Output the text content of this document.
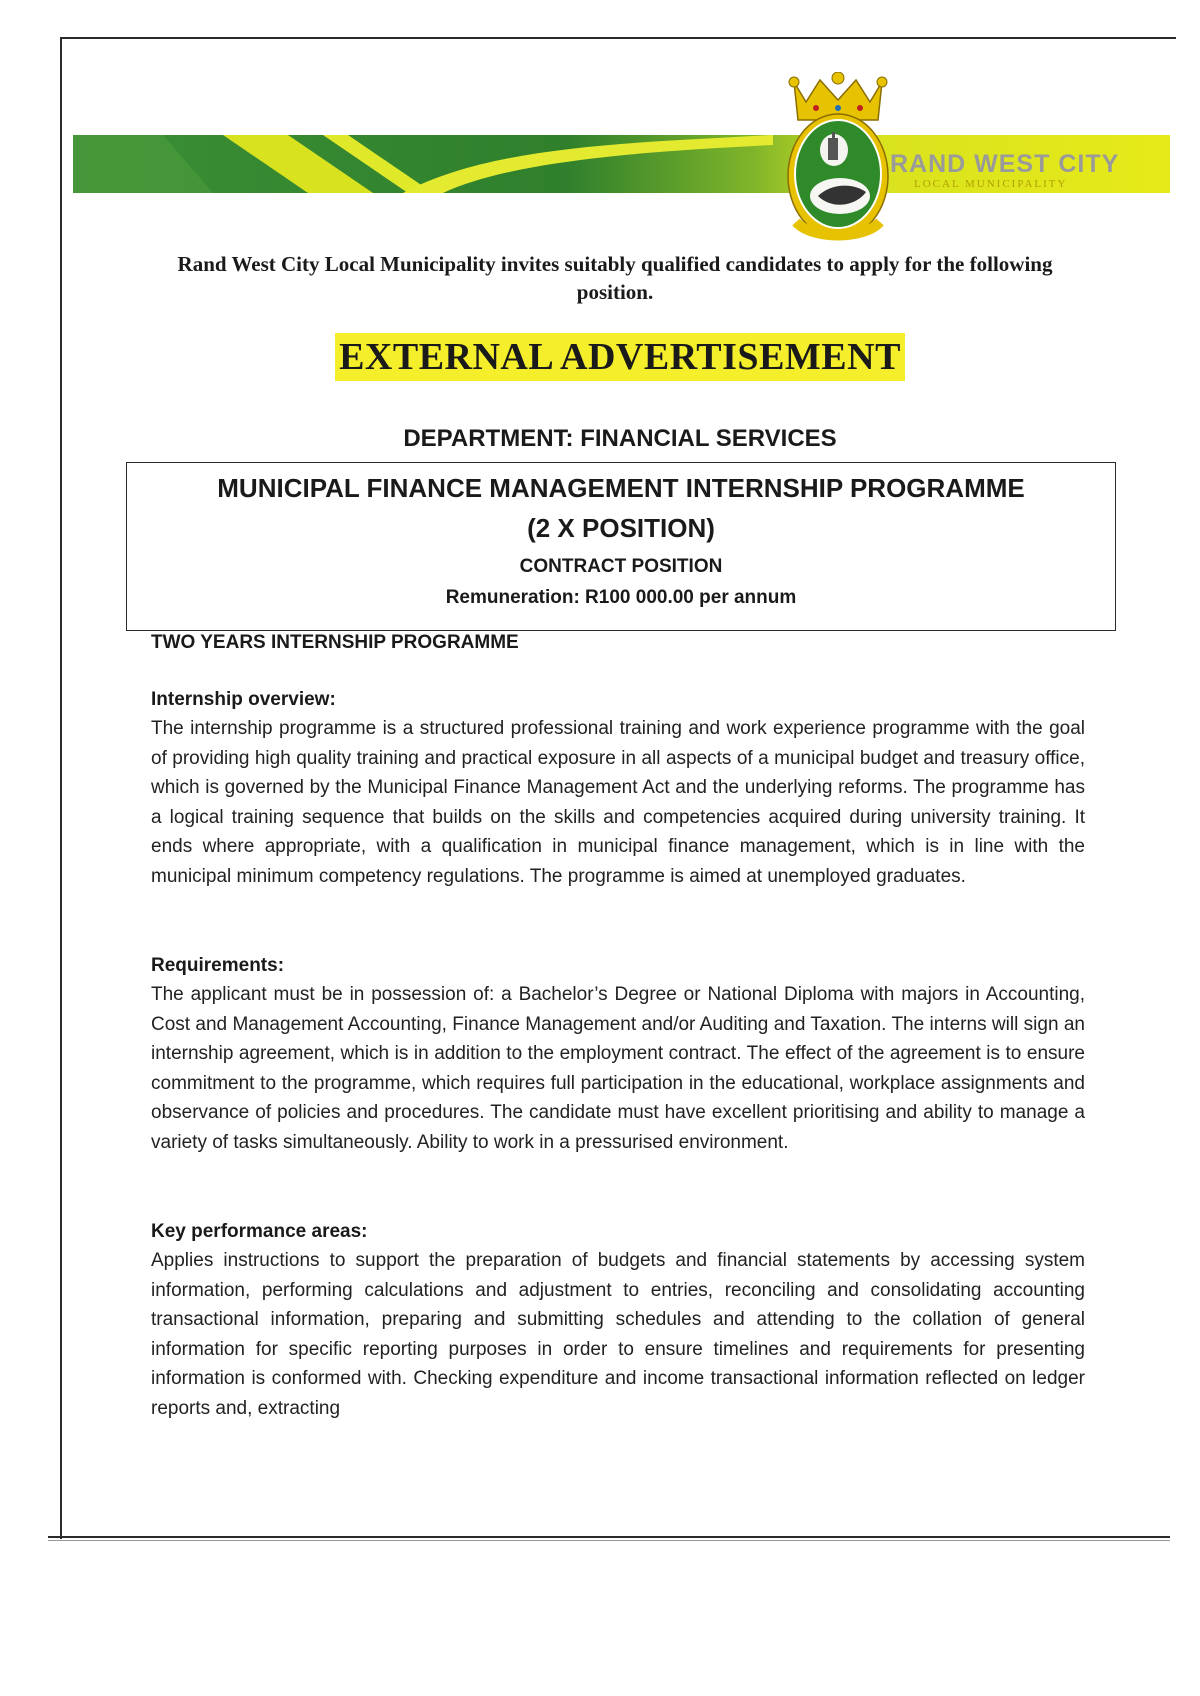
RAND WEST CITY
LOCAL MUNICIPALITY
Rand West City Local Municipality invites suitably qualified candidates to apply for the following position.
EXTERNAL ADVERTISEMENT
DEPARTMENT: FINANCIAL SERVICES
MUNICIPAL FINANCE MANAGEMENT INTERNSHIP PROGRAMME
(2 X POSITION)
CONTRACT POSITION
Remuneration: R100 000.00 per annum
TWO YEARS INTERNSHIP PROGRAMME
Internship overview:
The internship programme is a structured professional training and work experience programme with the goal of providing high quality training and practical exposure in all aspects of a municipal budget and treasury office, which is governed by the Municipal Finance Management Act and the underlying reforms. The programme has a logical training sequence that builds on the skills and competencies acquired during university training. It ends where appropriate, with a qualification in municipal finance management, which is in line with the municipal minimum competency regulations. The programme is aimed at unemployed graduates.
Requirements:
The applicant must be in possession of: a Bachelor’s Degree or National Diploma with majors in Accounting, Cost and Management Accounting, Finance Management and/or Auditing and Taxation. The interns will sign an internship agreement, which is in addition to the employment contract. The effect of the agreement is to ensure commitment to the programme, which requires full participation in the educational, workplace assignments and observance of policies and procedures. The candidate must have excellent prioritising and ability to manage a variety of tasks simultaneously. Ability to work in a pressurised environment.
Key performance areas:
Applies instructions to support the preparation of budgets and financial statements by accessing system information, performing calculations and adjustment to entries, reconciling and consolidating accounting transactional information, preparing and submitting schedules and attending to the collation of general information for specific reporting purposes in order to ensure timelines and requirements for presenting information is conformed with. Checking expenditure and income transactional information reflected on ledger reports and, extracting
